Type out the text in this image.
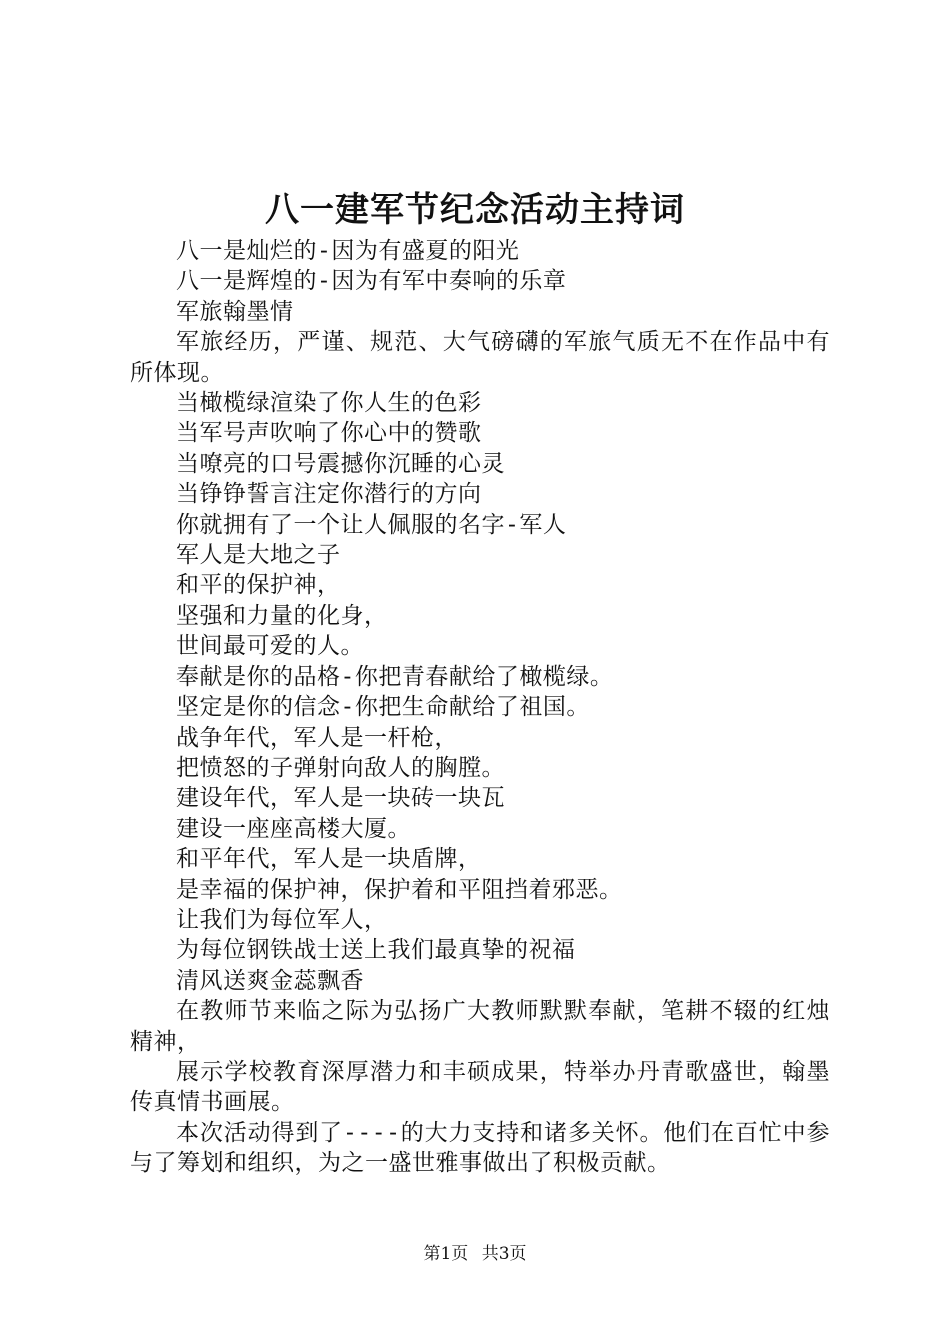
八一建军节纪念活动主持词

八一是灿烂的-因为有盛夏的阳光

八一是辉煌的-因为有军中奏响的乐章

军旅翰墨情

军旅经历，严谨、规范、大气磅礴的军旅气质无不在作品中有所体现。

当橄榄绿渲染了你人生的色彩

当军号声吹响了你心中的赞歌

当嘹亮的口号震撼你沉睡的心灵

当铮铮誓言注定你潜行的方向

你就拥有了一个让人佩服的名字-军人

军人是大地之子

和平的保护神，

坚强和力量的化身，

世间最可爱的人。

奉献是你的品格-你把青春献给了橄榄绿。

坚定是你的信念-你把生命献给了祖国。

战争年代，军人是一杆枪，

把愤怒的子弹射向敌人的胸膛。

建设年代，军人是一块砖一块瓦

建设一座座高楼大厦。

和平年代，军人是一块盾牌，

是幸福的保护神，保护着和平阻挡着邪恶。

让我们为每位军人，

为每位钢铁战士送上我们最真挚的祝福

清风送爽金蕊飘香

在教师节来临之际为弘扬广大教师默默奉献，笔耕不辍的红烛精神，

展示学校教育深厚潜力和丰硕成果，特举办丹青歌盛世，翰墨传真情书画展。

本次活动得到了----的大力支持和诸多关怀。他们在百忙中参与了筹划和组织，为之一盛世雅事做出了积极贡献。

第1页 共3页
